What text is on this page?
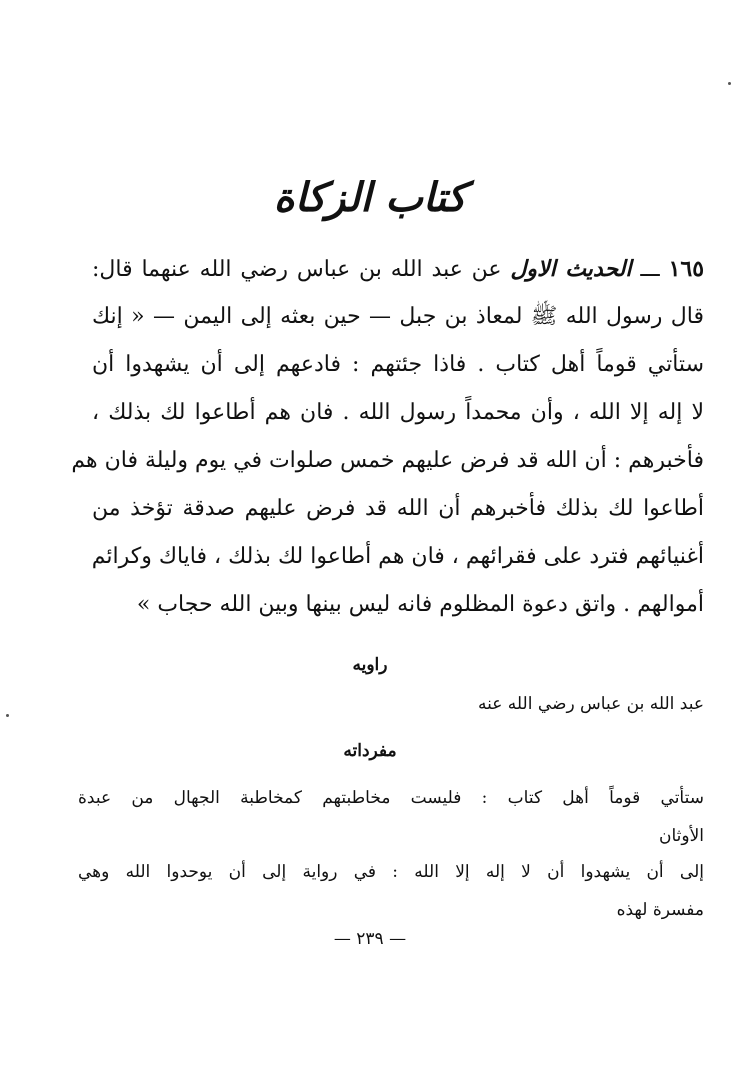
كتاب الزكاة
١٦٥ ـــ الحديث الاول عن عبد الله بن عباس رضي الله عنهما قال:
قال رسول الله ﷺ لمعاذ بن جبل — حين بعثه إلى اليمن — « إنك
ستأتي قوماً أهل كتاب . فاذا جئتهم : فادعهم إلى أن يشهدوا أن
لا إله إلا الله ، وأن محمداً رسول الله . فان هم أطاعوا لك بذلك ،
فأخبرهم : أن الله قد فرض عليهم خمس صلوات في يوم وليلة فان هم
أطاعوا لك بذلك فأخبرهم أن الله قد فرض عليهم صدقة تؤخذ من
أغنيائهم فترد على فقرائهم ، فان هم أطاعوا لك بذلك ، فاياك وكرائم
أموالهم . واتق دعوة المظلوم فانه ليس بينها وبين الله حجاب »
راويه
عبد الله بن عباس رضي الله عنه
مفرداته
ستأتي قوماً أهل كتاب : فليست مخاطبتهم كمخاطبة الجهال من عبدة
الأوثان
إلى أن يشهدوا أن لا إله إلا الله : في رواية إلى أن يوحدوا الله وهي
مفسرة لهذه
— ٢٣٩ —
